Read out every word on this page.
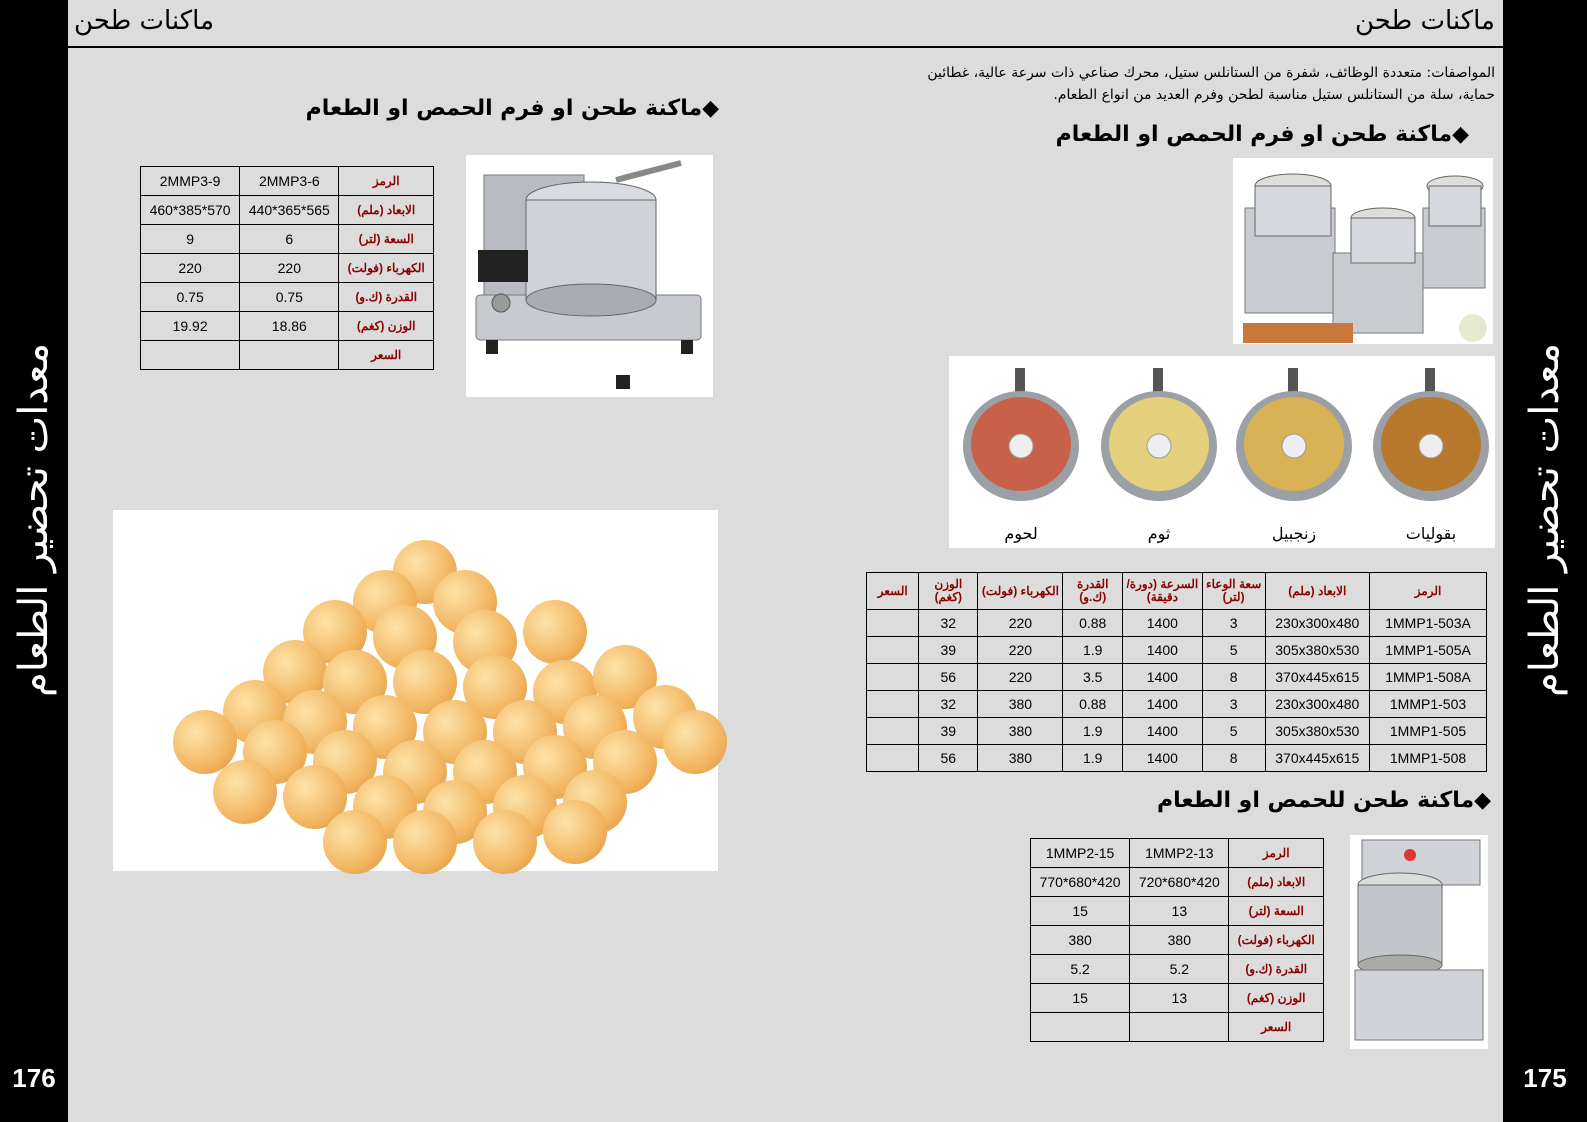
معدات تحضير الطعام
176
معدات تحضير الطعام
175
ماكنات طحن	ماكنات طحن
◆ماكنة طحن او فرم الحمص او الطعام
2MMP3-9	2MMP3-6	الرمز
460*385*570	440*365*565	الابعاد (ملم)
9	6	السعة (لتر)
220	220	الكهرباء (فولت)
0.75	0.75	القدرة (ك.و)
19.92	18.86	الوزن (كغم)
		السعر
المواصفات: متعددة الوظائف، شفرة من الستانلس ستيل، محرك صناعي ذات سرعة عالية، غطائين
حماية، سلة من الستانلس ستيل مناسبة لطحن وفرم العديد من انواع الطعام.
◆ماكنة طحن او فرم الحمص او الطعام
بقوليات
زنجبيل
ثوم
لحوم
السعر	الوزن (كغم)	الكهرباء (فولت)	القدرة (ك.و)	السرعة (دورة/دقيقة)	سعة الوعاء (لتر)	الابعاد (ملم)	الرمز
	32	220	0.88	1400	3	230x300x480	1MMP1-503A
	39	220	1.9	1400	5	305x380x530	1MMP1-505A
	56	220	3.5	1400	8	370x445x615	1MMP1-508A
	32	380	0.88	1400	3	230x300x480	1MMP1-503
	39	380	1.9	1400	5	305x380x530	1MMP1-505
	56	380	1.9	1400	8	370x445x615	1MMP1-508
◆ماكنة طحن للحمص او الطعام
1MMP2-15	1MMP2-13	الرمز
770*680*420	720*680*420	الابعاد (ملم)
15	13	السعة (لتر)
380	380	الكهرباء (فولت)
5.2	5.2	القدرة (ك.و)
15	13	الوزن (كغم)
		السعر
